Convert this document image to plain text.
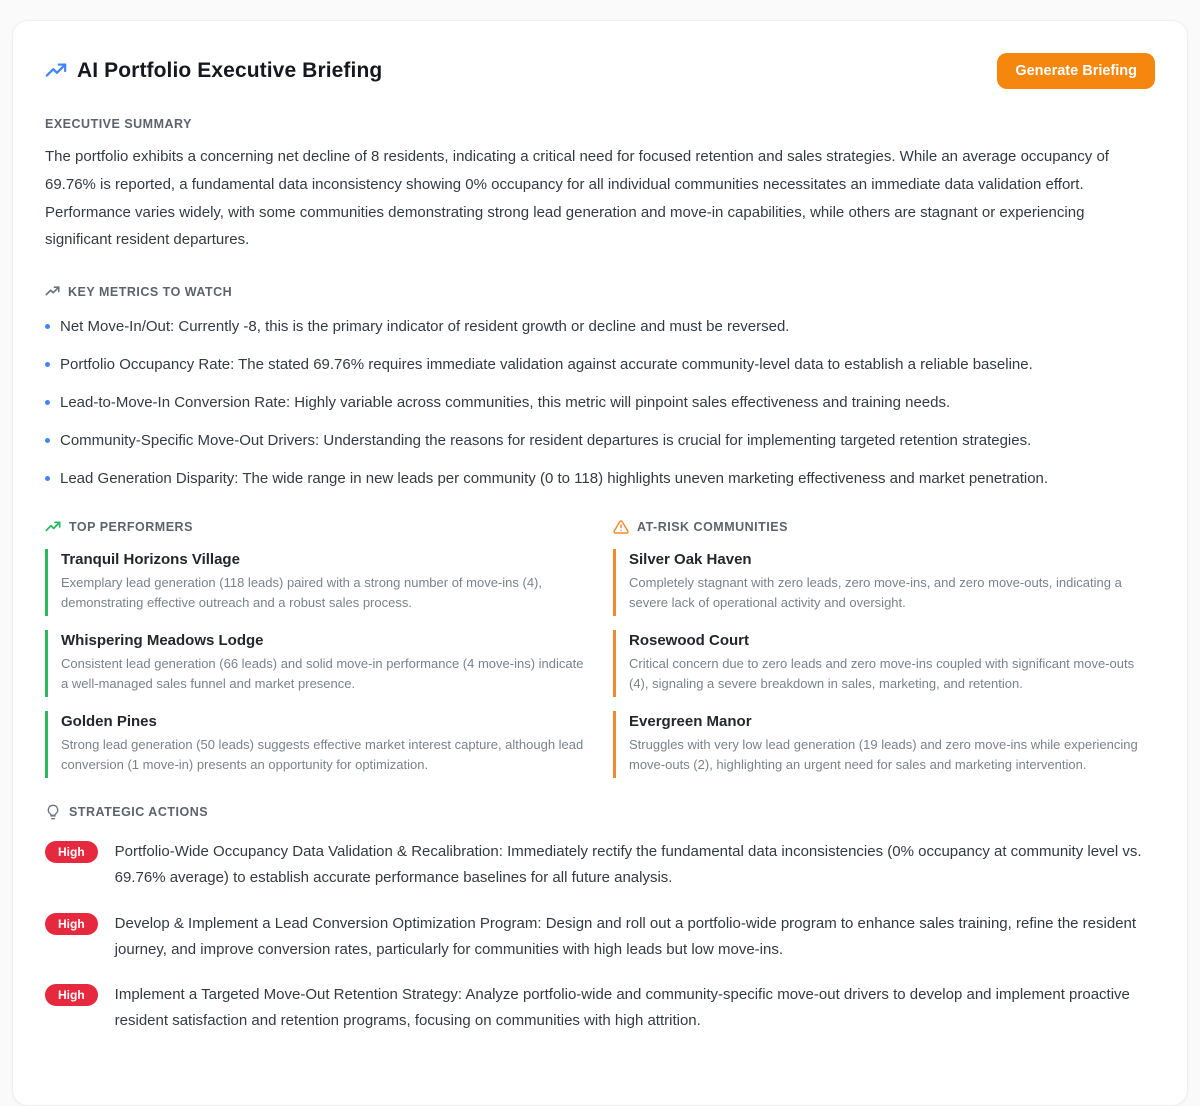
AI Portfolio Executive Briefing	Generate Briefing
EXECUTIVE SUMMARY

The portfolio exhibits a concerning net decline of 8 residents, indicating a critical need for focused retention and sales strategies. While an average occupancy of 69.76% is reported, a fundamental data inconsistency showing 0% occupancy for all individual communities necessitates an immediate data validation effort. Performance varies widely, with some communities demonstrating strong lead generation and move-in capabilities, while others are stagnant or experiencing significant resident departures.

KEY METRICS TO WATCH
Net Move-In/Out: Currently -8, this is the primary indicator of resident growth or decline and must be reversed.
Portfolio Occupancy Rate: The stated 69.76% requires immediate validation against accurate community-level data to establish a reliable baseline.
Lead-to-Move-In Conversion Rate: Highly variable across communities, this metric will pinpoint sales effectiveness and training needs.
Community-Specific Move-Out Drivers: Understanding the reasons for resident departures is crucial for implementing targeted retention strategies.
Lead Generation Disparity: The wide range in new leads per community (0 to 118) highlights uneven marketing effectiveness and market penetration.
TOP PERFORMERS
Tranquil Horizons Village
Exemplary lead generation (118 leads) paired with a strong number of move-ins (4), demonstrating effective outreach and a robust sales process.
Whispering Meadows Lodge
Consistent lead generation (66 leads) and solid move-in performance (4 move-ins) indicate a well-managed sales funnel and market presence.
Golden Pines
Strong lead generation (50 leads) suggests effective market interest capture, although lead conversion (1 move-in) presents an opportunity for optimization.
AT-RISK COMMUNITIES
Silver Oak Haven
Completely stagnant with zero leads, zero move-ins, and zero move-outs, indicating a severe lack of operational activity and oversight.
Rosewood Court
Critical concern due to zero leads and zero move-ins coupled with significant move-outs (4), signaling a severe breakdown in sales, marketing, and retention.
Evergreen Manor
Struggles with very low lead generation (19 leads) and zero move-ins while experiencing move-outs (2), highlighting an urgent need for sales and marketing intervention.
STRATEGIC ACTIONS
High	Portfolio-Wide Occupancy Data Validation & Recalibration: Immediately rectify the fundamental data inconsistencies (0% occupancy at community level vs. 69.76% average) to establish accurate performance baselines for all future analysis.

High	Develop & Implement a Lead Conversion Optimization Program: Design and roll out a portfolio-wide program to enhance sales training, refine the resident journey, and improve conversion rates, particularly for communities with high leads but low move-ins.

High	Implement a Targeted Move-Out Retention Strategy: Analyze portfolio-wide and community-specific move-out drivers to develop and implement proactive resident satisfaction and retention programs, focusing on communities with high attrition.
